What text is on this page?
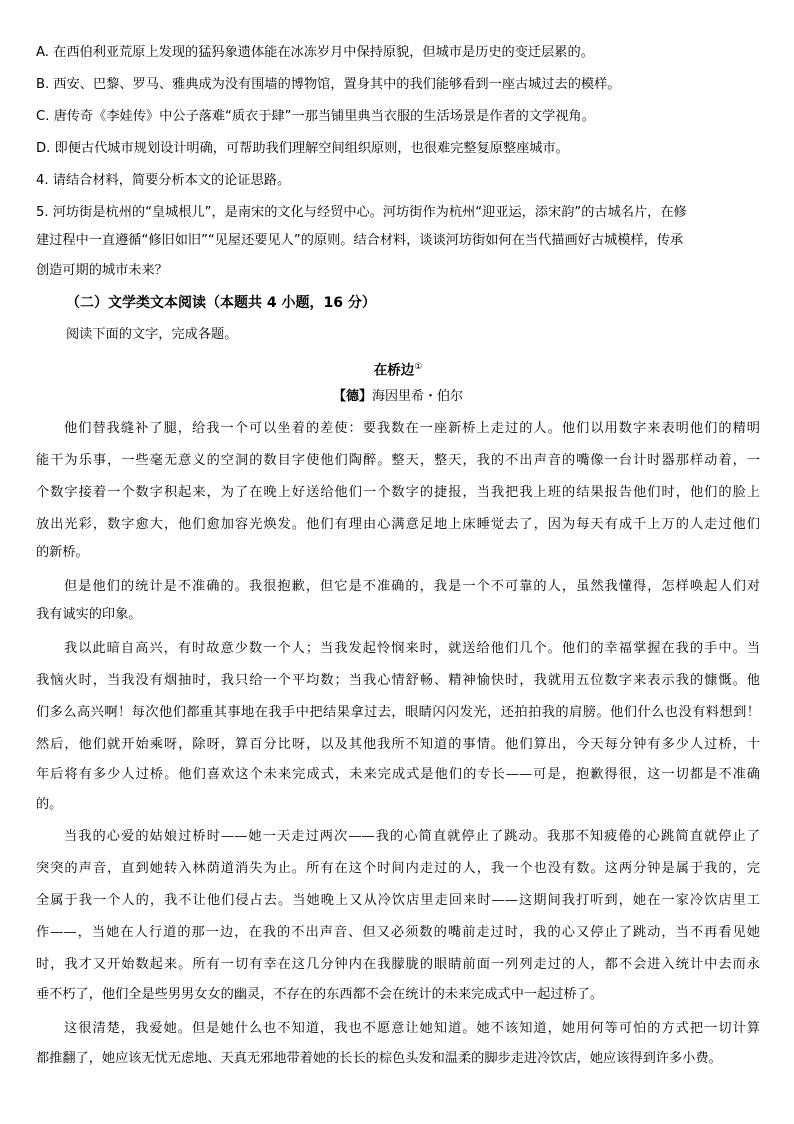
A. 在西伯利亚荒原上发现的猛犸象遗体能在冰冻岁月中保持原貌，但城市是历史的变迁层累的。
B. 西安、巴黎、罗马、雅典成为没有围墙的博物馆，置身其中的我们能够看到一座古城过去的模样。
C. 唐传奇《李娃传》中公子落难“质衣于肆”一那当铺里典当衣服的生活场景是作者的文学视角。
D. 即便古代城市规划设计明确，可帮助我们理解空间组织原则，也很难完整复原整座城市。
4. 请结合材料，简要分析本文的论证思路。
5. 河坊街是杭州的“皇城根儿”，是南宋的文化与经贸中心。河坊街作为杭州“迎亚运，添宋韵”的古城名片，在修
建过程中一直遵循“修旧如旧”“见屋还要见人”的原则。结合材料，谈谈河坊街如何在当代描画好古城模样，传承
创造可期的城市未来？
（二）文学类文本阅读（本题共 4 小题，16 分）
阅读下面的文字，完成各题。
在桥边①
【德】海因里希・伯尔
他们替我缝补了腿，给我一个可以坐着的差使：要我数在一座新桥上走过的人。他们以用数字来表明他们的精明
能干为乐事，一些毫无意义的空洞的数目字使他们陶醉。整天，整天，我的不出声音的嘴像一台计时器那样动着，一
个数字接着一个数字积起来，为了在晚上好送给他们一个数字的捷报，当我把我上班的结果报告他们时，他们的脸上
放出光彩，数字愈大，他们愈加容光焕发。他们有理由心满意足地上床睡觉去了，因为每天有成千上万的人走过他们
的新桥。
但是他们的统计是不准确的。我很抱歉，但它是不准确的，我是一个不可靠的人，虽然我懂得，怎样唤起人们对
我有诚实的印象。
我以此暗自高兴，有时故意少数一个人；当我发起怜悯来时，就送给他们几个。他们的幸福掌握在我的手中。当
我恼火时，当我没有烟抽时，我只给一个平均数；当我心情舒畅、精神愉快时，我就用五位数字来表示我的慷慨。他
们多么高兴啊！每次他们都重其事地在我手中把结果拿过去，眼睛闪闪发光，还拍拍我的肩膀。他们什么也没有料想到！
然后，他们就开始乘呀，除呀，算百分比呀，以及其他我所不知道的事情。他们算出，今天每分钟有多少人过桥，十
年后将有多少人过桥。他们喜欢这个未来完成式，未来完成式是他们的专长——可是，抱歉得很，这一切都是不准确
的。
当我的心爱的姑娘过桥时——她一天走过两次——我的心简直就停止了跳动。我那不知疲倦的心跳简直就停止了
突突的声音，直到她转入林荫道消失为止。所有在这个时间内走过的人，我一个也没有数。这两分钟是属于我的，完
全属于我一个人的，我不让他们侵占去。当她晚上又从冷饮店里走回来时——这期间我打听到，她在一家冷饮店里工
作——，当她在人行道的那一边，在我的不出声音、但又必须数的嘴前走过时，我的心又停止了跳动，当不再看见她
时，我才又开始数起来。所有一切有幸在这几分钟内在我朦胧的眼睛前面一列列走过的人，都不会进入统计中去而永
垂不朽了，他们全是些男男女女的幽灵，不存在的东西都不会在统计的未来完成式中一起过桥了。
这很清楚，我爱她。但是她什么也不知道，我也不愿意让她知道。她不该知道，她用何等可怕的方式把一切计算
都推翻了，她应该无忧无虑地、天真无邪地带着她的长长的棕色头发和温柔的脚步走进冷饮店，她应该得到许多小费。
